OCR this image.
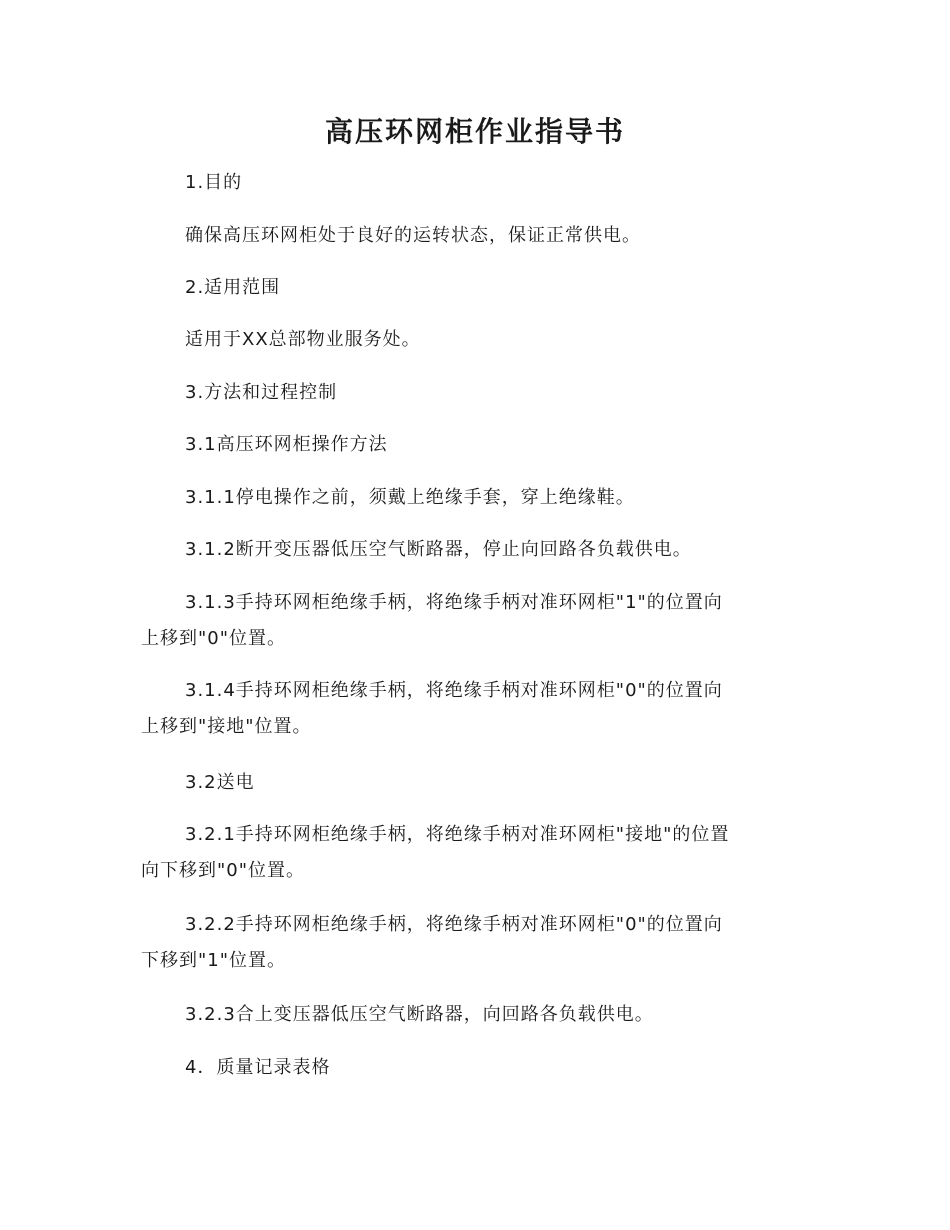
高压环网柜作业指导书
1.目的
确保高压环网柜处于良好的运转状态，保证正常供电。
2.适用范围
适用于XX总部物业服务处。
3.方法和过程控制
3.1高压环网柜操作方法
3.1.1停电操作之前，须戴上绝缘手套，穿上绝缘鞋。
3.1.2断开变压器低压空气断路器，停止向回路各负载供电。
3.1.3手持环网柜绝缘手柄，将绝缘手柄对准环网柜"1"的位置向
上移到"0"位置。
3.1.4手持环网柜绝缘手柄，将绝缘手柄对准环网柜"0"的位置向
上移到"接地"位置。
3.2送电
3.2.1手持环网柜绝缘手柄，将绝缘手柄对准环网柜"接地"的位置
向下移到"0"位置。
3.2.2手持环网柜绝缘手柄，将绝缘手柄对准环网柜"0"的位置向
下移到"1"位置。
3.2.3合上变压器低压空气断路器，向回路各负载供电。
4．质量记录表格
